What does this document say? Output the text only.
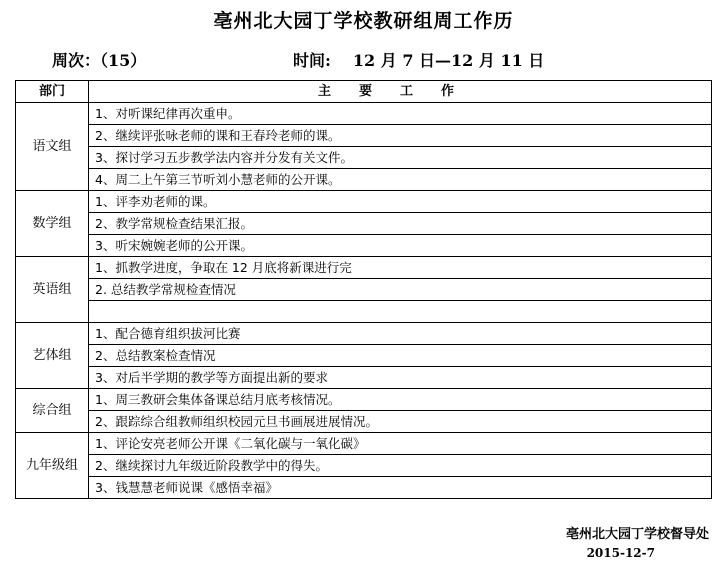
亳州北大园丁学校教研组周工作历
周次：（15）	时间: 12 月 7 日—12 月 11 日
部门	主要工作
语文组	1、对听课纪律再次重申。
	2、继续评张咏老师的课和王春玲老师的课。
	3、探讨学习五步教学法内容并分发有关文件。
	4、周二上午第三节听刘小慧老师的公开课。
数学组	1、评李劝老师的课。
	2、教学常规检查结果汇报。
	3、听宋婉婉老师的公开课。
英语组	1、抓教学进度，争取在 12 月底将新课进行完
	2. 总结教学常规检查情况

艺体组	1、配合德育组织拔河比赛
	2、总结教案检查情况
	3、对后半学期的教学等方面提出新的要求
综合组	1、周三教研会集体备课总结月底考核情况。
	2、跟踪综合组教师组织校园元旦书画展进展情况。
九年级组	1、评论安亮老师公开课《二氧化碳与一氧化碳》
	2、继续探讨九年级近阶段教学中的得失。
	3、钱慧慧老师说课《感悟幸福》
亳州北大园丁学校督导处
2015-12-7
